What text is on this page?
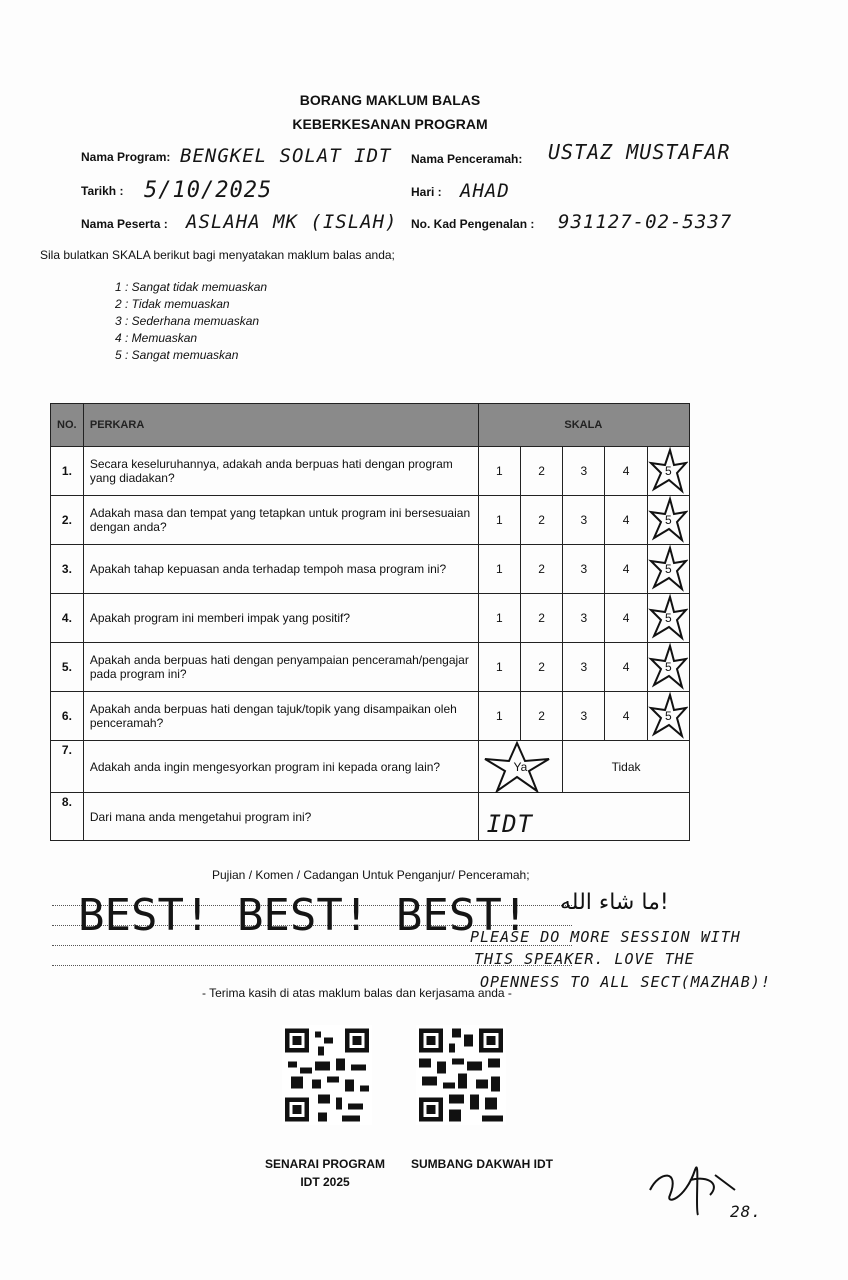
BORANG MAKLUM BALAS
KEBERKESANAN PROGRAM
Nama Program: BENGKEL SOLAT IDT Nama Penceramah: USTAZ MUSTAFAR
Tarikh : 5/10/2025	Hari : AHAD
Nama Peserta : ASLAHA MK (ISLAH) No. Kad Pengenalan : 931127-02-5337
Sila bulatkan SKALA berikut bagi menyatakan maklum balas anda;
1 : Sangat tidak memuaskan
2 : Tidak memuaskan
3 : Sederhana memuaskan
4 : Memuaskan
5 : Sangat memuaskan
NO.	PERKARA	SKALA				
1.	Secara keseluruhannya, adakah anda berpuas hati dengan program yang diadakan?	1	2	3	4	5

2.	Adakah masa dan tempat yang tetapkan untuk program ini bersesuaian dengan anda?	1	2	3	4	5

3.	Apakah tahap kepuasan anda terhadap tempoh masa program ini?	1	2	3	4	5

4.	Apakah program ini memberi impak yang positif?	1	2	3	4	5

5.	Apakah anda berpuas hati dengan penyampaian penceramah/pengajar pada program ini?	1	2	3	4	5

6.	Apakah anda berpuas hati dengan tajuk/topik yang disampaikan oleh penceramah?	1	2	3	4	5

7.	Adakah anda ingin mengesyorkan program ini kepada orang lain?	Ya		Tidak		
8.	Dari mana anda mengetahui program ini?	IDT				
Pujian / Komen / Cadangan Untuk Penganjur/ Penceramah;
BEST! BEST! BEST! ما شاء الله!
PLEASE DO MORE SESSION WITH
THIS SPEAKER. LOVE THE
OPENNESS TO ALL SECT(MAZHAB)!
- Terima kasih di atas maklum balas dan kerjasama anda -
SENARAI PROGRAM
IDT 2025
SUMBANG DAKWAH IDT
28.
